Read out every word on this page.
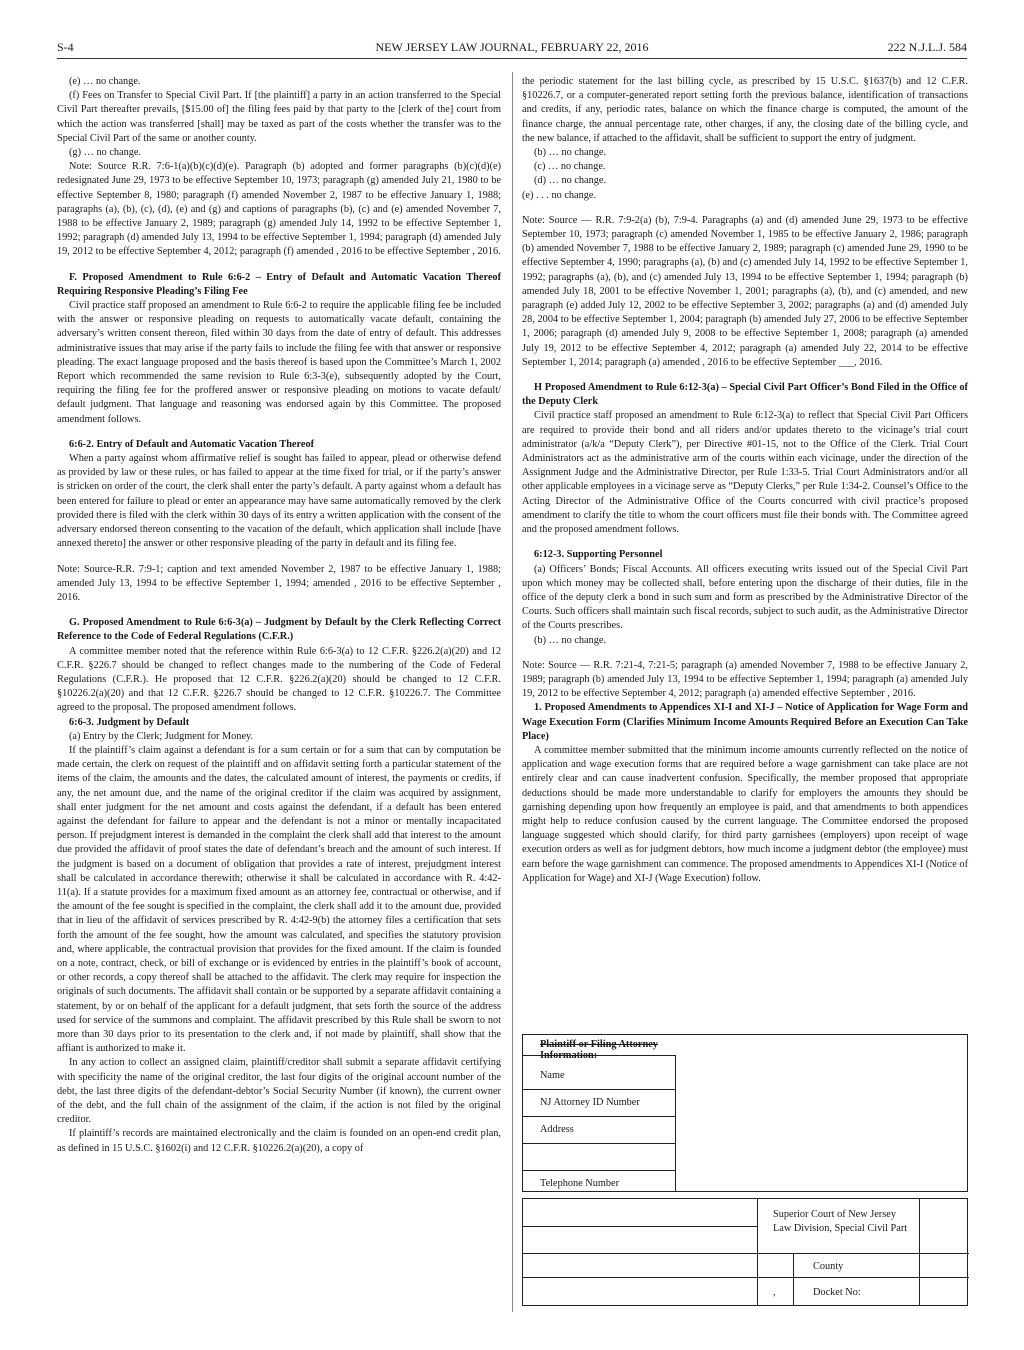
S-4	NEW JERSEY LAW JOURNAL, FEBRUARY 22, 2016	222 N.J.L.J. 584

(e) … no change.

(f) Fees on Transfer to Special Civil Part. If [the plaintiff] a party in an action transferred to the Special Civil Part thereafter prevails, [$15.00 of] the filing fees paid by that party to the [clerk of the] court from which the action was transferred [shall] may be taxed as part of the costs whether the transfer was to the Special Civil Part of the same or another county.

(g) … no change.

Note: Source R.R. 7:6-1(a)(b)(c)(d)(e). Paragraph (b) adopted and former paragraphs (b)(c)(d)(e) redesignated June 29, 1973 to be effective September 10, 1973; paragraph (g) amended July 21, 1980 to be effective September 8, 1980; paragraph (f) amended November 2, 1987 to be effective January 1, 1988; paragraphs (a), (b), (c), (d), (e) and (g) and captions of paragraphs (b), (c) and (e) amended November 7, 1988 to be effective January 2, 1989; paragraph (g) amended July 14, 1992 to be effective September 1, 1992; paragraph (d) amended July 13, 1994 to be effective September 1, 1994; paragraph (d) amended July 19, 2012 to be effective September 4, 2012; paragraph (f) amended , 2016 to be effective September , 2016.

F. Proposed Amendment to Rule 6:6-2 – Entry of Default and Automatic Vacation Thereof Requiring Responsive Pleading’s Filing Fee

Civil practice staff proposed an amendment to Rule 6:6-2 to require the applicable filing fee be included with the answer or responsive pleading on requests to automatically vacate default, containing the adversary’s written consent thereon, filed within 30 days from the date of entry of default. This addresses administrative issues that may arise if the party fails to include the filing fee with that answer or responsive pleading. The exact language proposed and the basis thereof is based upon the Committee’s March 1, 2002 Report which recommended the same revision to Rule 6:3-3(e), subsequently adopted by the Court, requiring the filing fee for the proffered answer or responsive pleading on motions to vacate default/ default judgment. That language and reasoning was endorsed again by this Committee. The proposed amendment follows.

6:6-2. Entry of Default and Automatic Vacation Thereof

When a party against whom affirmative relief is sought has failed to appear, plead or otherwise defend as provided by law or these rules, or has failed to appear at the time fixed for trial, or if the party’s answer is stricken on order of the court, the clerk shall enter the party’s default. A party against whom a default has been entered for failure to plead or enter an appearance may have same automatically removed by the clerk provided there is filed with the clerk within 30 days of its entry a written application with the consent of the adversary endorsed thereon consenting to the vacation of the default, which application shall include [have annexed thereto] the answer or other responsive pleading of the party in default and its filing fee.

Note: Source-R.R. 7:9-1; caption and text amended November 2, 1987 to be effective January 1, 1988; amended July 13, 1994 to be effective September 1, 1994; amended , 2016 to be effective September , 2016.

G. Proposed Amendment to Rule 6:6-3(a) – Judgment by Default by the Clerk Reflecting Correct Reference to the Code of Federal Regulations (C.F.R.)

A committee member noted that the reference within Rule 6:6-3(a) to 12 C.F.R. §226.2(a)(20) and 12 C.F.R. §226.7 should be changed to reflect changes made to the numbering of the Code of Federal Regulations (C.F.R.). He proposed that 12 C.F.R. §226.2(a)(20) should be changed to 12 C.F.R. §10226.2(a)(20) and that 12 C.F.R. §226.7 should be changed to 12 C.F.R. §10226.7. The Committee agreed to the proposal. The proposed amendment follows.

6:6-3. Judgment by Default

(a) Entry by the Clerk; Judgment for Money.

If the plaintiff’s claim against a defendant is for a sum certain or for a sum that can by computation be made certain, the clerk on request of the plaintiff and on affidavit setting forth a particular statement of the items of the claim, the amounts and the dates, the calculated amount of interest, the payments or credits, if any, the net amount due, and the name of the original creditor if the claim was acquired by assignment, shall enter judgment for the net amount and costs against the defendant, if a default has been entered against the defendant for failure to appear and the defendant is not a minor or mentally incapacitated person. If prejudgment interest is demanded in the complaint the clerk shall add that interest to the amount due provided the affidavit of proof states the date of defendant’s breach and the amount of such interest. If the judgment is based on a document of obligation that provides a rate of interest, prejudgment interest shall be calculated in accordance therewith; otherwise it shall be calculated in accordance with R. 4:42-11(a). If a statute provides for a maximum fixed amount as an attorney fee, contractual or otherwise, and if the amount of the fee sought is specified in the complaint, the clerk shall add it to the amount due, provided that in lieu of the affidavit of services prescribed by R. 4:42-9(b) the attorney files a certification that sets forth the amount of the fee sought, how the amount was calculated, and specifies the statutory provision and, where applicable, the contractual provision that provides for the fixed amount. If the claim is founded on a note, contract, check, or bill of exchange or is evidenced by entries in the plaintiff’s book of account, or other records, a copy thereof shall be attached to the affidavit. The clerk may require for inspection the originals of such documents. The affidavit shall contain or be supported by a separate affidavit containing a statement, by or on behalf of the applicant for a default judgment, that sets forth the source of the address used for service of the summons and complaint. The affidavit prescribed by this Rule shall be sworn to not more than 30 days prior to its presentation to the clerk and, if not made by plaintiff, shall show that the affiant is authorized to make it.

In any action to collect an assigned claim, plaintiff/creditor shall submit a separate affidavit certifying with specificity the name of the original creditor, the last four digits of the original account number of the debt, the last three digits of the defendant-debtor’s Social Security Number (if known), the current owner of the debt, and the full chain of the assignment of the claim, if the action is not filed by the original creditor.

If plaintiff’s records are maintained electronically and the claim is founded on an open-end credit plan, as defined in 15 U.S.C. §1602(i) and 12 C.F.R. §10226.2(a)(20), a copy of

the periodic statement for the last billing cycle, as prescribed by 15 U.S.C. §1637(b) and 12 C.F.R. §10226.7, or a computer-generated report setting forth the previous balance, identification of transactions and credits, if any, periodic rates, balance on which the finance charge is computed, the amount of the finance charge, the annual percentage rate, other charges, if any, the closing date of the billing cycle, and the new balance, if attached to the affidavit, shall be sufficient to support the entry of judgment.

(b) … no change.

(c) … no change.

(d) … no change.

(e) . . . no change.

Note: Source — R.R. 7:9-2(a) (b), 7:9-4. Paragraphs (a) and (d) amended June 29, 1973 to be effective September 10, 1973; paragraph (c) amended November 1, 1985 to be effective January 2, 1986; paragraph (b) amended November 7, 1988 to be effective January 2, 1989; paragraph (c) amended June 29, 1990 to be effective September 4, 1990; paragraphs (a), (b) and (c) amended July 14, 1992 to be effective September 1, 1992; paragraphs (a), (b), and (c) amended July 13, 1994 to be effective September 1, 1994; paragraph (b) amended July 18, 2001 to be effective November 1, 2001; paragraphs (a), (b), and (c) amended, and new paragraph (e) added July 12, 2002 to be effective September 3, 2002; paragraphs (a) and (d) amended July 28, 2004 to be effective September 1, 2004; paragraph (b) amended July 27, 2006 to be effective September 1, 2006; paragraph (d) amended July 9, 2008 to be effective September 1, 2008; paragraph (a) amended July 19, 2012 to be effective September 4, 2012; paragraph (a) amended July 22, 2014 to be effective September 1, 2014; paragraph (a) amended , 2016 to be effective September ___, 2016.

H Proposed Amendment to Rule 6:12-3(a) – Special Civil Part Officer’s Bond Filed in the Office of the Deputy Clerk

Civil practice staff proposed an amendment to Rule 6:12-3(a) to reflect that Special Civil Part Officers are required to provide their bond and all riders and/or updates thereto to the vicinage’s trial court administrator (a/k/a “Deputy Clerk”), per Directive #01-15, not to the Office of the Clerk. Trial Court Administrators act as the administrative arm of the courts within each vicinage, under the direction of the Assignment Judge and the Administrative Director, per Rule 1:33-5. Trial Court Administrators and/or all other applicable employees in a vicinage serve as “Deputy Clerks,” per Rule 1:34-2. Counsel’s Office to the Acting Director of the Administrative Office of the Courts concurred with civil practice’s proposed amendment to clarify the title to whom the court officers must file their bonds with. The Committee agreed and the proposed amendment follows.

6:12-3. Supporting Personnel

(a) Officers’ Bonds; Fiscal Accounts. All officers executing writs issued out of the Special Civil Part upon which money may be collected shall, before entering upon the discharge of their duties, file in the office of the deputy clerk a bond in such sum and form as prescribed by the Administrative Director of the Courts. Such officers shall maintain such fiscal records, subject to such audit, as the Administrative Director of the Courts prescribes.

(b) … no change.

Note: Source — R.R. 7:21-4, 7:21-5; paragraph (a) amended November 7, 1988 to be effective January 2, 1989; paragraph (b) amended July 13, 1994 to be effective September 1, 1994; paragraph (a) amended July 19, 2012 to be effective September 4, 2012; paragraph (a) amended effective September , 2016.

1. Proposed Amendments to Appendices XI-I and XI-J – Notice of Application for Wage Form and Wage Execution Form (Clarifies Minimum Income Amounts Required Before an Execution Can Take Place)

A committee member submitted that the minimum income amounts currently reflected on the notice of application and wage execution forms that are required before a wage garnishment can take place are not entirely clear and can cause inadvertent confusion. Specifically, the member proposed that appropriate deductions should be made more understandable to clarify for employers the amounts they should be garnishing depending upon how frequently an employee is paid, and that amendments to both appendices might help to reduce confusion caused by the current language. The Committee endorsed the proposed language suggested which should clarify, for third party garnishees (employers) upon receipt of wage execution orders as well as for judgment debtors, how much income a judgment debtor (the employee) must earn before the wage garnishment can commence. The proposed amendments to Appendices XI-I (Notice of Application for Wage) and XI-J (Wage Execution) follow.

Plaintiff or Filing Attorney Information:
Name
NJ Attorney ID Number
Address
Telephone Number
Superior Court of New Jersey
Law Division, Special Civil Part
County
,	Docket No:
